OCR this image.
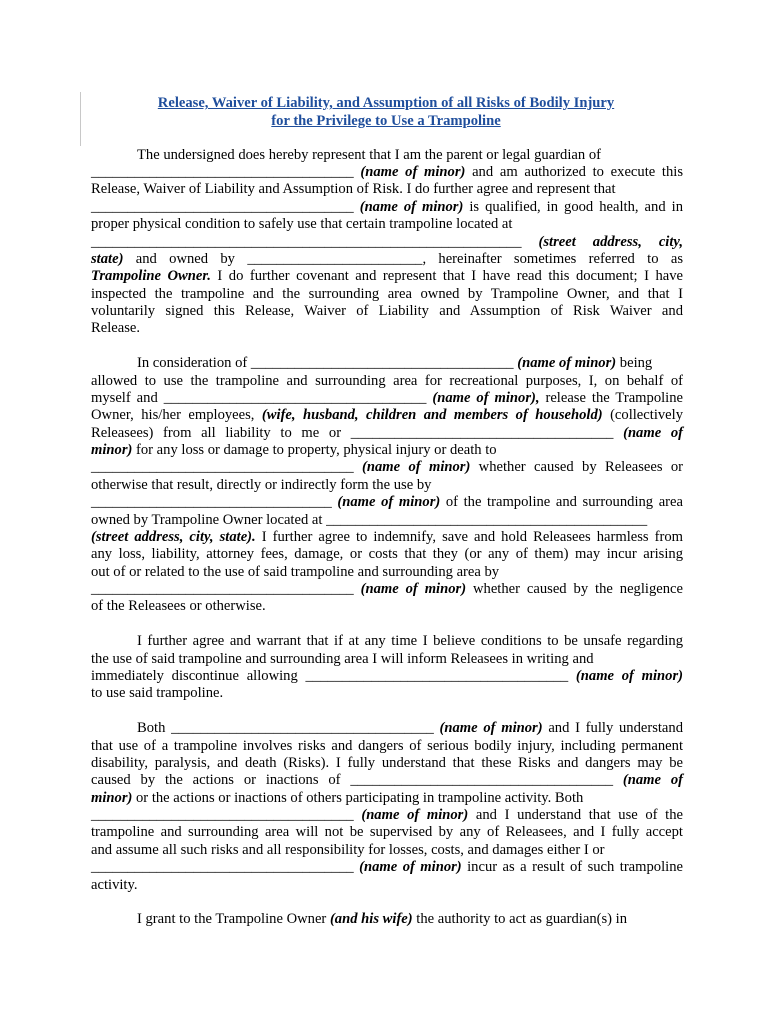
Release, Waiver of Liability, and Assumption of all Risks of Bodily Injury
for the Privilege to Use a Trampoline
The undersigned does hereby represent that I am the parent or legal guardian of
____________________________________ (name of minor) and am authorized to execute this
Release, Waiver of Liability and Assumption of Risk. I do further agree and represent that
____________________________________ (name of minor) is qualified, in good health, and in
proper physical condition to safely use that certain trampoline located at
___________________________________________________________ (street address, city,
state) and owned by ________________________, hereinafter sometimes referred to as
Trampoline Owner. I do further covenant and represent that I have read this document; I have
inspected the trampoline and the surrounding area owned by Trampoline Owner, and that I
voluntarily signed this Release, Waiver of Liability and Assumption of Risk Waiver and
Release.
In consideration of ____________________________________ (name of minor) being
allowed to use the trampoline and surrounding area for recreational purposes, I, on behalf of
myself and ____________________________________ (name of minor), release the Trampoline
Owner, his/her employees, (wife, husband, children and members of household) (collectively
Releasees) from all liability to me or ____________________________________ (name of
minor) for any loss or damage to property, physical injury or death to
____________________________________ (name of minor) whether caused by Releasees or
otherwise that result, directly or indirectly form the use by
_________________________________ (name of minor) of the trampoline and surrounding area
owned by Trampoline Owner located at ____________________________________________
(street address, city, state). I further agree to indemnify, save and hold Releasees harmless from
any loss, liability, attorney fees, damage, or costs that they (or any of them) may incur arising
out of or related to the use of said trampoline and surrounding area by
____________________________________ (name of minor) whether caused by the negligence
of the Releasees or otherwise.
I further agree and warrant that if at any time I believe conditions to be unsafe regarding
the use of said trampoline and surrounding area I will inform Releasees in writing and
immediately discontinue allowing ____________________________________ (name of minor)
to use said trampoline.
Both ____________________________________ (name of minor) and I fully understand
that use of a trampoline involves risks and dangers of serious bodily injury, including permanent
disability, paralysis, and death (Risks). I fully understand that these Risks and dangers may be
caused by the actions or inactions of ____________________________________ (name of
minor) or the actions or inactions of others participating in trampoline activity. Both
____________________________________ (name of minor) and I understand that use of the
trampoline and surrounding area will not be supervised by any of Releasees, and I fully accept
and assume all such risks and all responsibility for losses, costs, and damages either I or
____________________________________ (name of minor) incur as a result of such trampoline
activity.
I grant to the Trampoline Owner (and his wife) the authority to act as guardian(s) in
